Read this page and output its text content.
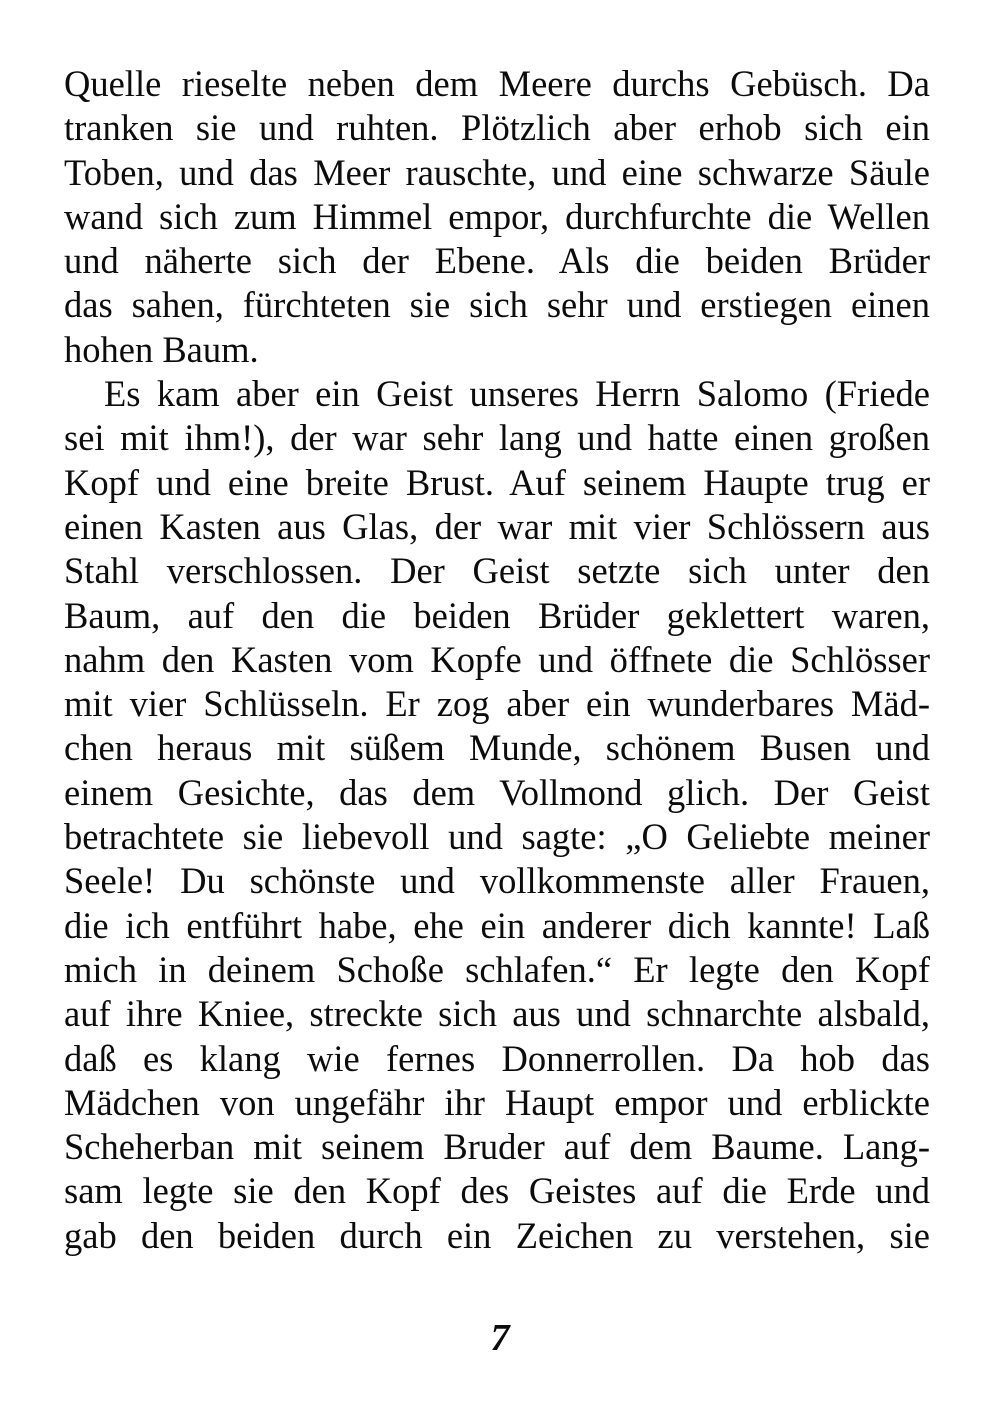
Quelle rieselte neben dem Meere durchs Gebüsch. Da
tranken sie und ruhten. Plötzlich aber erhob sich ein
Toben, und das Meer rauschte, und eine schwarze Säule
wand sich zum Himmel empor, durchfurchte die Wellen
und näherte sich der Ebene. Als die beiden Brüder
das sahen, fürchteten sie sich sehr und erstiegen einen
hohen Baum.
Es kam aber ein Geist unseres Herrn Salomo (Friede
sei mit ihm!), der war sehr lang und hatte einen großen
Kopf und eine breite Brust. Auf seinem Haupte trug er
einen Kasten aus Glas, der war mit vier Schlössern aus
Stahl verschlossen. Der Geist setzte sich unter den
Baum, auf den die beiden Brüder geklettert waren,
nahm den Kasten vom Kopfe und öffnete die Schlösser
mit vier Schlüsseln. Er zog aber ein wunderbares Mäd-
chen heraus mit süßem Munde, schönem Busen und
einem Gesichte, das dem Vollmond glich. Der Geist
betrachtete sie liebevoll und sagte: „O Geliebte meiner
Seele! Du schönste und vollkommenste aller Frauen,
die ich entführt habe, ehe ein anderer dich kannte! Laß
mich in deinem Schoße schlafen.“ Er legte den Kopf
auf ihre Kniee, streckte sich aus und schnarchte alsbald,
daß es klang wie fernes Donnerrollen. Da hob das
Mädchen von ungefähr ihr Haupt empor und erblickte
Scheherban mit seinem Bruder auf dem Baume. Lang-
sam legte sie den Kopf des Geistes auf die Erde und
gab den beiden durch ein Zeichen zu verstehen, sie
7
